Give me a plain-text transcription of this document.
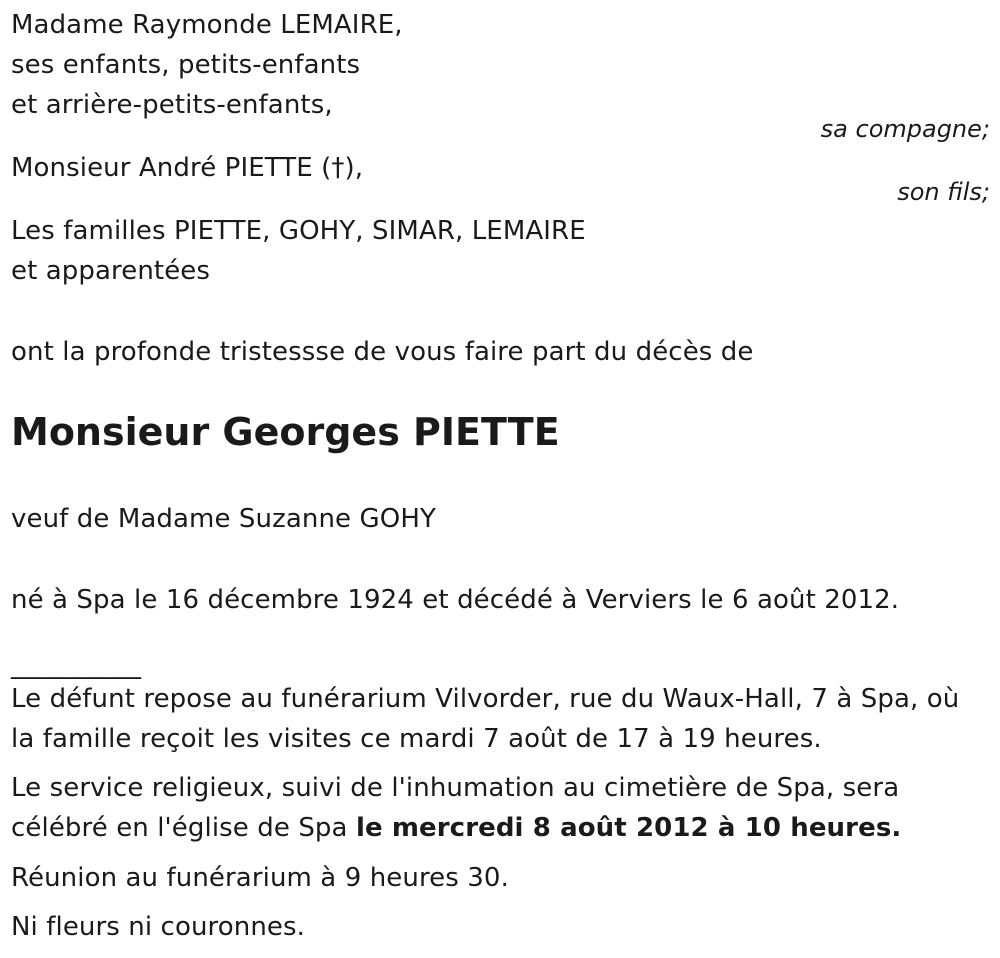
Madame Raymonde LEMAIRE,
ses enfants, petits-enfants
et arrière-petits-enfants,
sa compagne;
Monsieur André PIETTE (†),
son fils;
Les familles PIETTE, GOHY, SIMAR, LEMAIRE
et apparentées
ont la profonde tristessse de vous faire part du décès de
Monsieur Georges PIETTE
veuf de Madame Suzanne GOHY
né à Spa le 16 décembre 1924 et décédé à Verviers le 6 août 2012.
__________
Le défunt repose au funérarium Vilvorder, rue du Waux-Hall, 7 à Spa, où
la famille reçoit les visites ce mardi 7 août de 17 à 19 heures.
Le service religieux, suivi de l'inhumation au cimetière de Spa, sera
célébré en l'église de Spa le mercredi 8 août 2012 à 10 heures.
Réunion au funérarium à 9 heures 30.
Ni fleurs ni couronnes.
